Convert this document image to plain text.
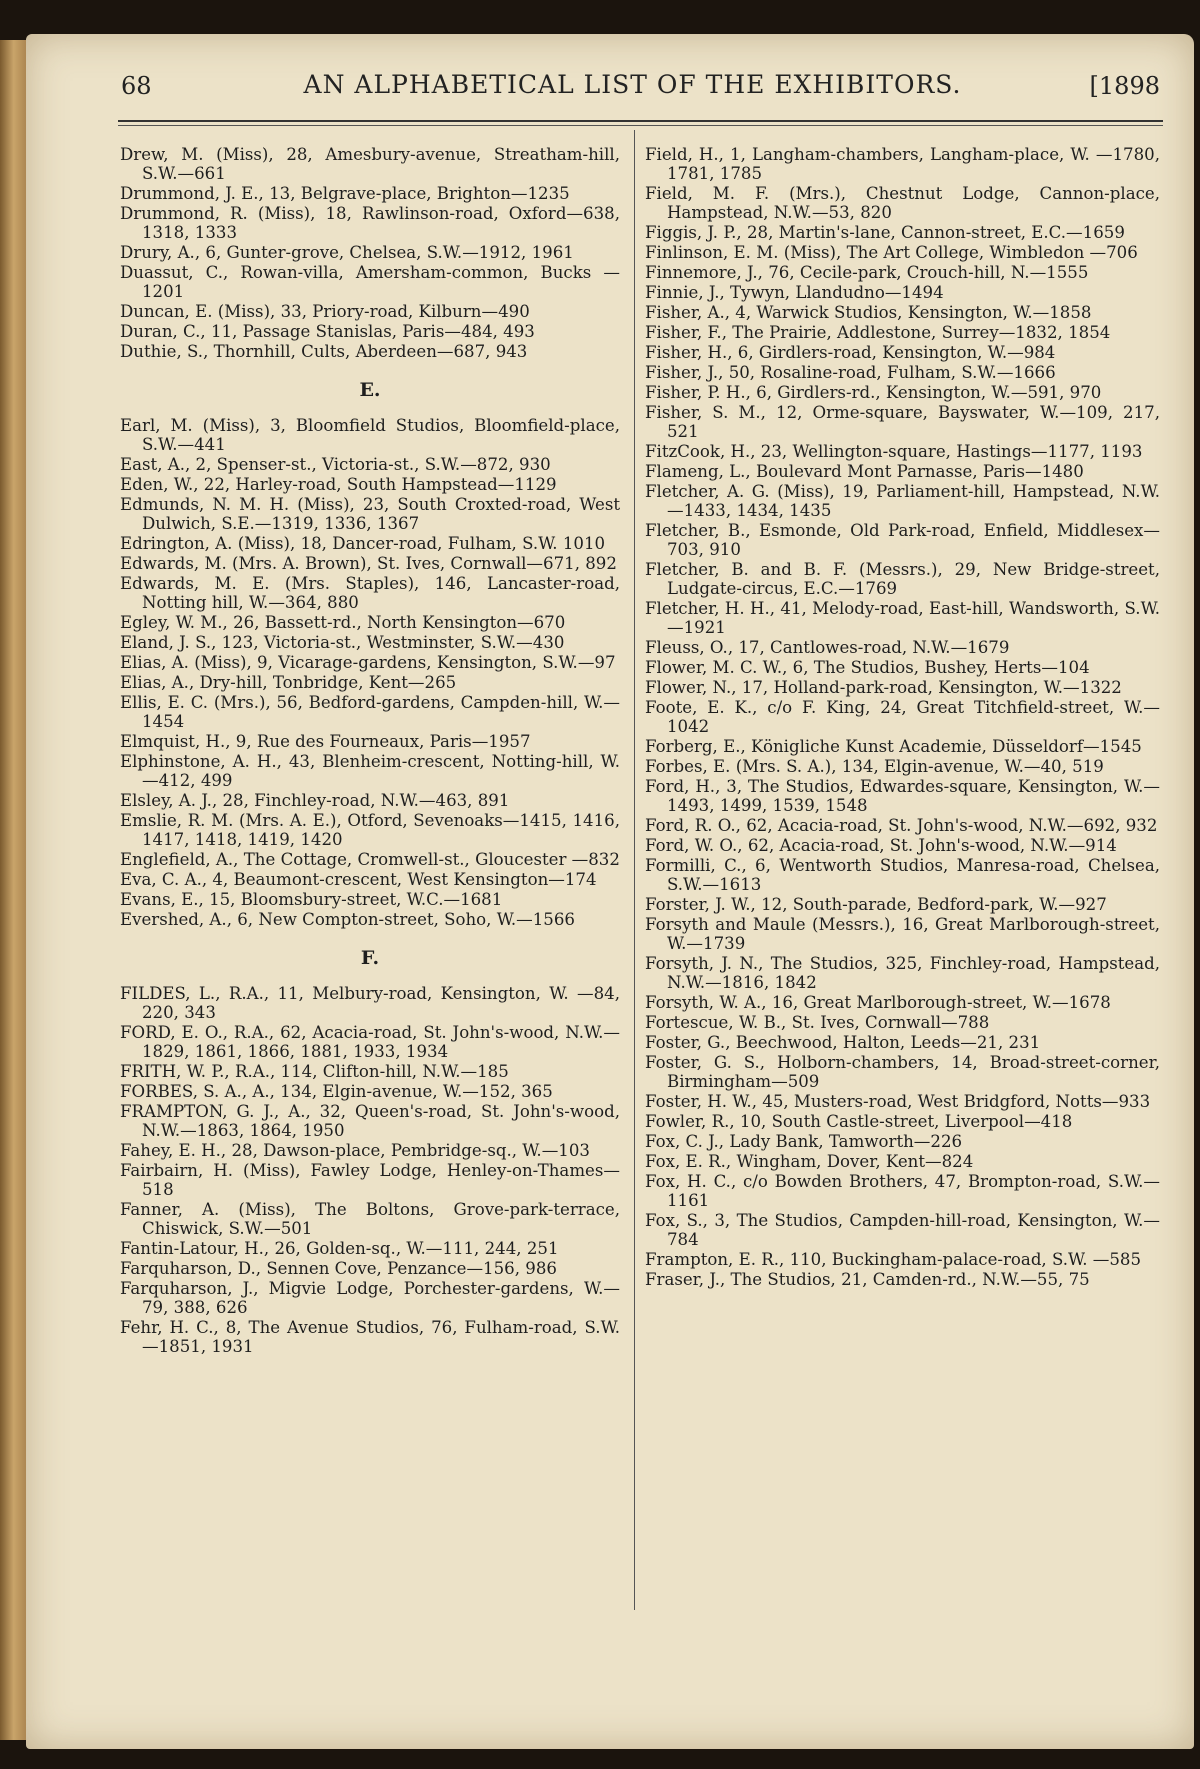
68	AN ALPHABETICAL LIST OF THE EXHIBITORS.	[1898
Drew, M. (Miss), 28, Amesbury-avenue, Streatham-hill, S.W.—661
Drummond, J. E., 13, Belgrave-place, Brighton—1235
Drummond, R. (Miss), 18, Rawlinson-road, Oxford—638, 1318, 1333
Drury, A., 6, Gunter-grove, Chelsea, S.W.—1912, 1961
Duassut, C., Rowan-villa, Amersham-common, Bucks —1201
Duncan, E. (Miss), 33, Priory-road, Kilburn—490
Duran, C., 11, Passage Stanislas, Paris—484, 493
Duthie, S., Thornhill, Cults, Aberdeen—687, 943
E.
Earl, M. (Miss), 3, Bloomfield Studios, Bloomfield-place, S.W.—441
East, A., 2, Spenser-st., Victoria-st., S.W.—872, 930
Eden, W., 22, Harley-road, South Hampstead—1129
Edmunds, N. M. H. (Miss), 23, South Croxted-road, West Dulwich, S.E.—1319, 1336, 1367
Edrington, A. (Miss), 18, Dancer-road, Fulham, S.W. 1010
Edwards, M. (Mrs. A. Brown), St. Ives, Cornwall—671, 892
Edwards, M. E. (Mrs. Staples), 146, Lancaster-road, Notting hill, W.—364, 880
Egley, W. M., 26, Bassett-rd., North Kensington—670
Eland, J. S., 123, Victoria-st., Westminster, S.W.—430
Elias, A. (Miss), 9, Vicarage-gardens, Kensington, S.W.—97
Elias, A., Dry-hill, Tonbridge, Kent—265
Ellis, E. C. (Mrs.), 56, Bedford-gardens, Campden-hill, W.—1454
Elmquist, H., 9, Rue des Fourneaux, Paris—1957
Elphinstone, A. H., 43, Blenheim-crescent, Notting-hill, W.—412, 499
Elsley, A. J., 28, Finchley-road, N.W.—463, 891
Emslie, R. M. (Mrs. A. E.), Otford, Sevenoaks—1415, 1416, 1417, 1418, 1419, 1420
Englefield, A., The Cottage, Cromwell-st., Gloucester —832
Eva, C. A., 4, Beaumont-crescent, West Kensington—174
Evans, E., 15, Bloomsbury-street, W.C.—1681
Evershed, A., 6, New Compton-street, Soho, W.—1566
F.
FILDES, L., R.A., 11, Melbury-road, Kensington, W. —84, 220, 343
FORD, E. O., R.A., 62, Acacia-road, St. John's-wood, N.W.—1829, 1861, 1866, 1881, 1933, 1934
FRITH, W. P., R.A., 114, Clifton-hill, N.W.—185
FORBES, S. A., A., 134, Elgin-avenue, W.—152, 365
FRAMPTON, G. J., A., 32, Queen's-road, St. John's-wood, N.W.—1863, 1864, 1950
Fahey, E. H., 28, Dawson-place, Pembridge-sq., W.—103
Fairbairn, H. (Miss), Fawley Lodge, Henley-on-Thames—518
Fanner, A. (Miss), The Boltons, Grove-park-terrace, Chiswick, S.W.—501
Fantin-Latour, H., 26, Golden-sq., W.—111, 244, 251
Farquharson, D., Sennen Cove, Penzance—156, 986
Farquharson, J., Migvie Lodge, Porchester-gardens, W.—79, 388, 626
Fehr, H. C., 8, The Avenue Studios, 76, Fulham-road, S.W.—1851, 1931
Field, H., 1, Langham-chambers, Langham-place, W. —1780, 1781, 1785
Field, M. F. (Mrs.), Chestnut Lodge, Cannon-place, Hampstead, N.W.—53, 820
Figgis, J. P., 28, Martin's-lane, Cannon-street, E.C.—1659
Finlinson, E. M. (Miss), The Art College, Wimbledon —706
Finnemore, J., 76, Cecile-park, Crouch-hill, N.—1555
Finnie, J., Tywyn, Llandudno—1494
Fisher, A., 4, Warwick Studios, Kensington, W.—1858
Fisher, F., The Prairie, Addlestone, Surrey—1832, 1854
Fisher, H., 6, Girdlers-road, Kensington, W.—984
Fisher, J., 50, Rosaline-road, Fulham, S.W.—1666
Fisher, P. H., 6, Girdlers-rd., Kensington, W.—591, 970
Fisher, S. M., 12, Orme-square, Bayswater, W.—109, 217, 521
FitzCook, H., 23, Wellington-square, Hastings—1177, 1193
Flameng, L., Boulevard Mont Parnasse, Paris—1480
Fletcher, A. G. (Miss), 19, Parliament-hill, Hampstead, N.W.—1433, 1434, 1435
Fletcher, B., Esmonde, Old Park-road, Enfield, Middlesex—703, 910
Fletcher, B. and B. F. (Messrs.), 29, New Bridge-street, Ludgate-circus, E.C.—1769
Fletcher, H. H., 41, Melody-road, East-hill, Wandsworth, S.W.—1921
Fleuss, O., 17, Cantlowes-road, N.W.—1679
Flower, M. C. W., 6, The Studios, Bushey, Herts—104
Flower, N., 17, Holland-park-road, Kensington, W.—1322
Foote, E. K., c/o F. King, 24, Great Titchfield-street, W.—1042
Forberg, E., Königliche Kunst Academie, Düsseldorf—1545
Forbes, E. (Mrs. S. A.), 134, Elgin-avenue, W.—40, 519
Ford, H., 3, The Studios, Edwardes-square, Kensington, W.—1493, 1499, 1539, 1548
Ford, R. O., 62, Acacia-road, St. John's-wood, N.W.—692, 932
Ford, W. O., 62, Acacia-road, St. John's-wood, N.W.—914
Formilli, C., 6, Wentworth Studios, Manresa-road, Chelsea, S.W.—1613
Forster, J. W., 12, South-parade, Bedford-park, W.—927
Forsyth and Maule (Messrs.), 16, Great Marlborough-street, W.—1739
Forsyth, J. N., The Studios, 325, Finchley-road, Hampstead, N.W.—1816, 1842
Forsyth, W. A., 16, Great Marlborough-street, W.—1678
Fortescue, W. B., St. Ives, Cornwall—788
Foster, G., Beechwood, Halton, Leeds—21, 231
Foster, G. S., Holborn-chambers, 14, Broad-street-corner, Birmingham—509
Foster, H. W., 45, Musters-road, West Bridgford, Notts—933
Fowler, R., 10, South Castle-street, Liverpool—418
Fox, C. J., Lady Bank, Tamworth—226
Fox, E. R., Wingham, Dover, Kent—824
Fox, H. C., c/o Bowden Brothers, 47, Brompton-road, S.W.—1161
Fox, S., 3, The Studios, Campden-hill-road, Kensington, W.—784
Frampton, E. R., 110, Buckingham-palace-road, S.W. —585
Fraser, J., The Studios, 21, Camden-rd., N.W.—55, 75
